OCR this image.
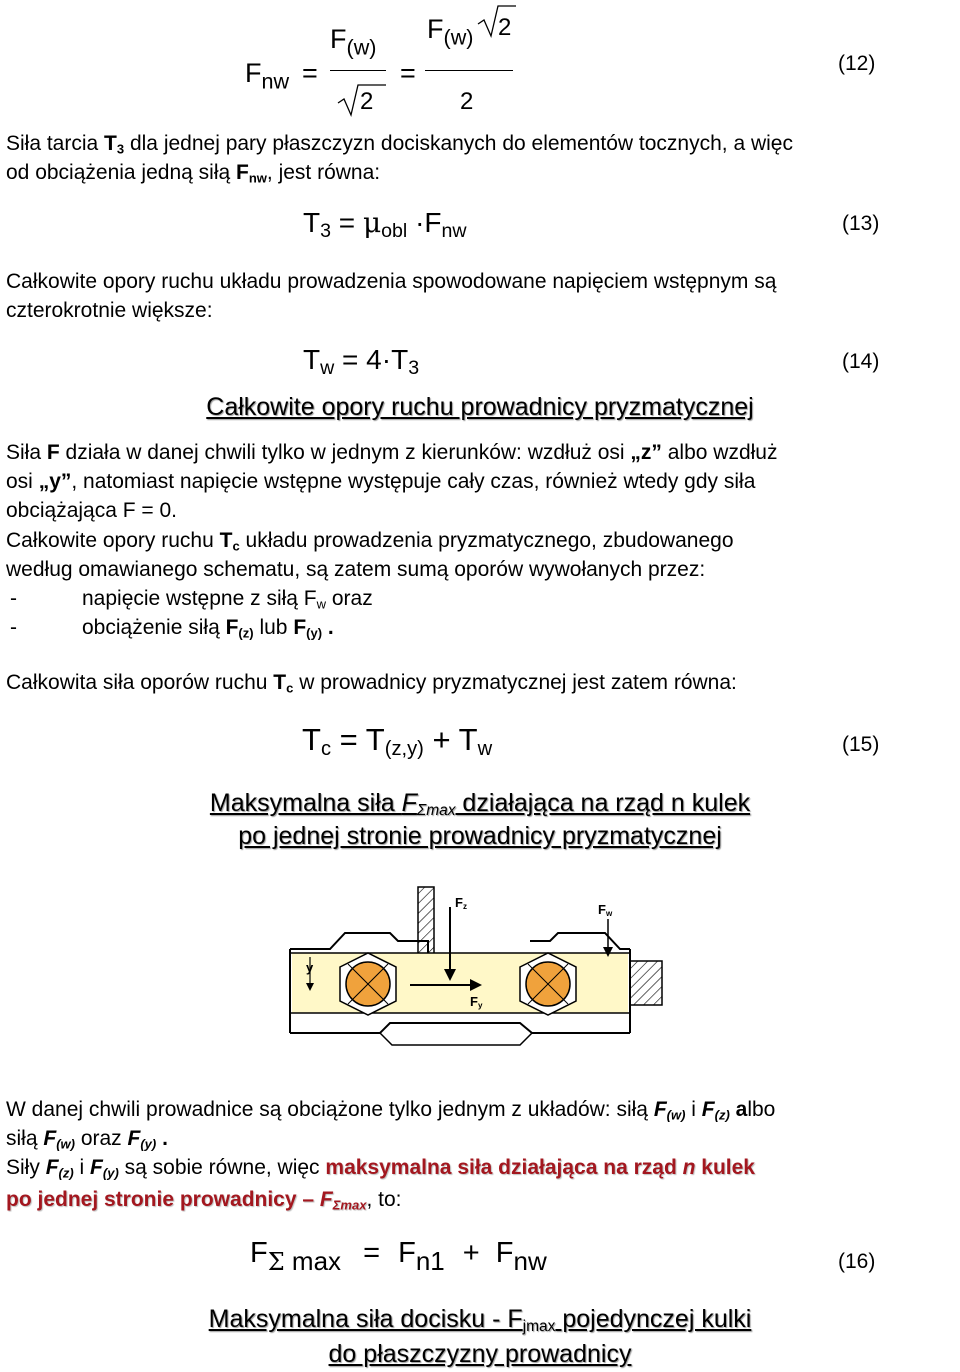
$F_{nw}$ =
$F_{(w)}$
2
=
$F_{(w)}$ 2
2
(12)
Siła tarcia $T_3$ dla jednej pary płaszczyzn dociskanych do elementów tocznych, a więc
od obciążenia jedną siłą $F_{nw}$, jest równa:
$T_3 = \mu_{obl} \cdot F_{nw}$	(13)
Całkowite opory ruchu układu prowadzenia spowodowane napięciem wstępnym są
czterokrotnie większe:
$T_w = 4\cdot T_3$	(14)
Całkowite opory ruchu prowadnicy pryzmatycznej
Siła F działa w danej chwili tylko w jednym z kierunków: wzdłuż osi „z” albo wzdłuż
osi „y”, natomiast napięcie wstępne występuje cały czas, również wtedy gdy siła
obciążająca F = 0.
Całkowite opory ruchu $T_c$ układu prowadzenia pryzmatycznego, zbudowanego
według omawianego schematu, są zatem sumą oporów wywołanych przez:
-	napięcie wstępne z siłą $F_w$ oraz
-	obciążenie siłą $F_{(z)}$ lub $F_{(y)}$ .
Całkowita siła oporów ruchu $T_c$ w prowadnicy pryzmatycznej jest zatem równa:
$T_c = T_{(z,y)} + T_w$	(15)
Maksymalna siła $F_{\Sigma max}$ działająca na rząd n kulek
po jednej stronie prowadnicy pryzmatycznej
$F_z$	$F_w$
$F_y$
y
W danej chwili prowadnice są obciążone tylko jednym z układów: siłą $F_{(w)}$ i $F_{(z)}$ albo
siłą $F_{(w)}$ oraz $F_{(y)}$ .
Siły $F_{(z)}$ i $F_{(y)}$ są sobie równe, więc maksymalna siła działająca na rząd n kulek
po jednej stronie prowadnicy – $F_{\Sigma max}$, to:
$F_\Sigma$ max = Fn1 + Fnw	(16)
Maksymalna siła docisku - $F_{jmax}$ pojedynczej kulki
do płaszczyzny prowadnicy
